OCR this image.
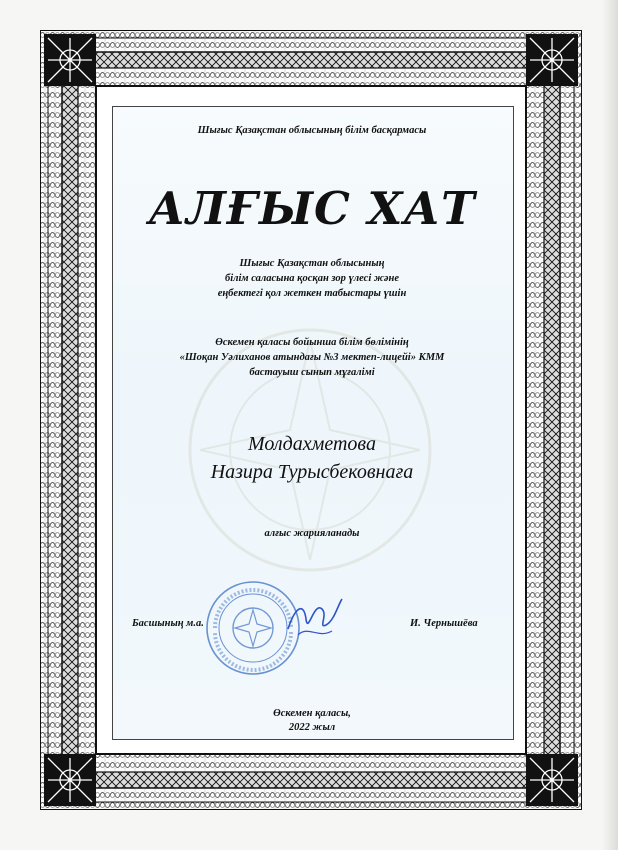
Шығыс Қазақстан облысының білім басқармасы

АЛҒЫС ХАТ

Шығыс Қазақстан облысының
білім саласына қосқан зор үлесі және
еңбектегі қол жеткен табыстары үшін
Өскемен қаласы бойынша білім бөлімінің
«Шоқан Уәлиханов атындағы №3 мектеп-лицейі» КММ
бастауыш сынып мұғалімі
Молдахметова
Назира Турысбековнаға

алғыс жарияланады

Басшының м.а.	И. Чернышёва
Өскемен қаласы,
2022 жыл
